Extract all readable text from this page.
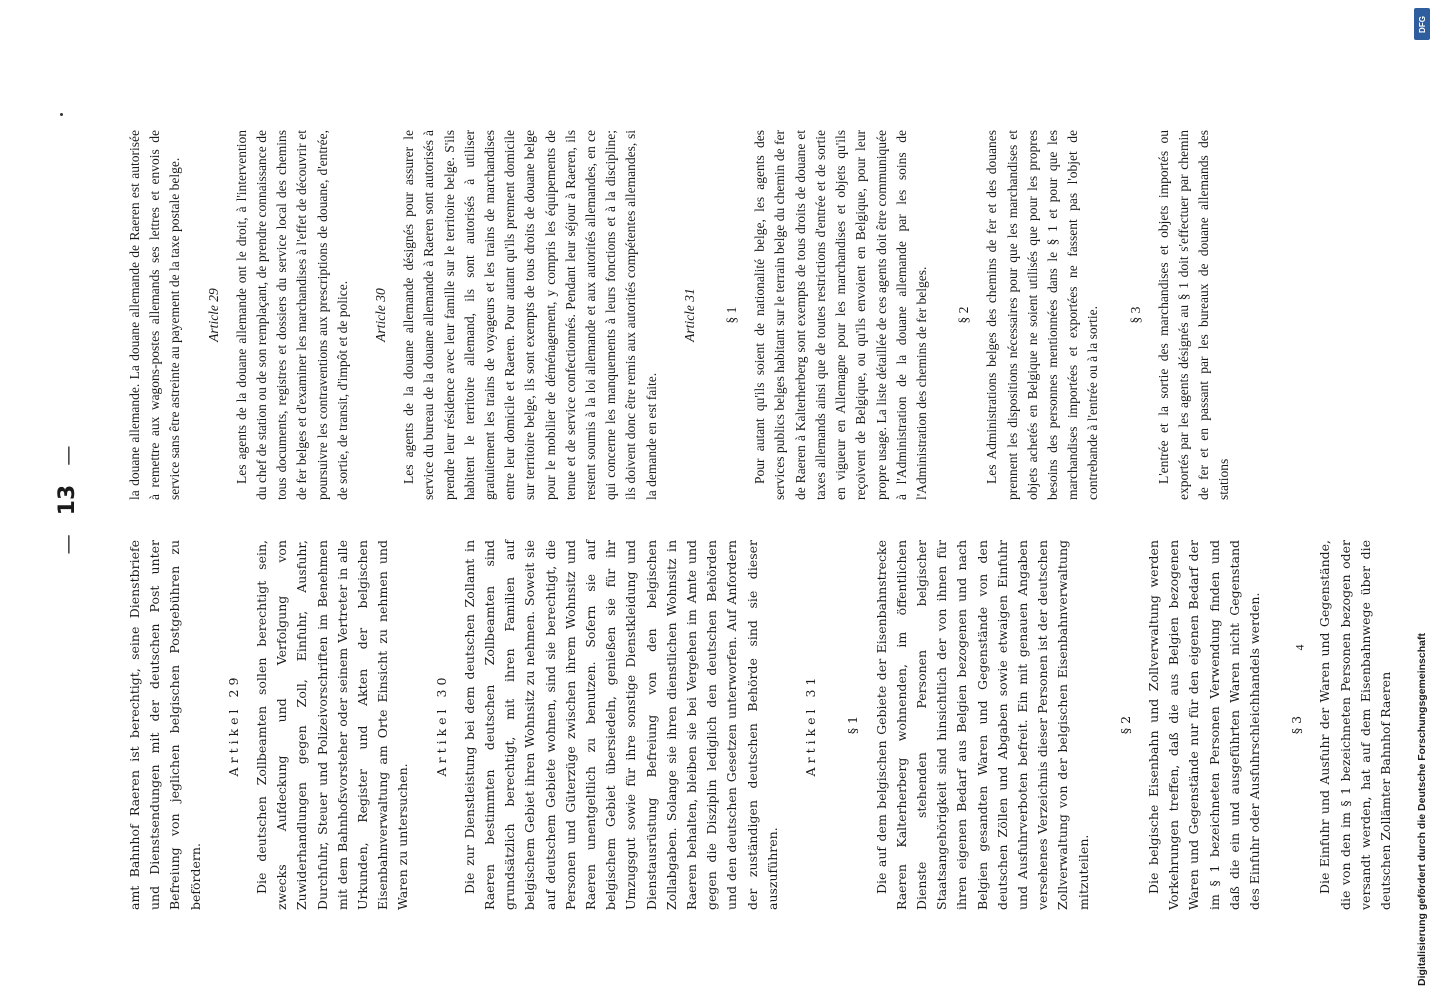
— 13 —

amt Bahnhof Raeren ist berechtigt, seine Dienstbriefe und Dienstsendungen mit der deutschen Post unter Befreiung von jeglichen belgischen Postgebühren zu befördern.

Artikel 29 Die deutschen Zollbeamten sollen berechtigt sein, zwecks Aufdeckung und Verfolgung von Zuwiderhandlungen gegen Zoll, Einfuhr, Ausfuhr, Durchfuhr, Steuer und Polizeivorschriften im Benehmen mit dem Bahnhofsvorsteher oder seinem Vertreter in alle Urkunden, Register und Akten der belgischen Eisenbahnverwaltung am Orte Einsicht zu nehmen und Waren zu untersuchen.

Artikel 30 Die zur Dienstleistung bei dem deutschen Zollamt in Raeren bestimmten deutschen Zollbeamten sind grundsätzlich berechtigt, mit ihren Familien auf belgischem Gebiet ihren Wohnsitz zu nehmen. Soweit sie auf deutschem Gebiete wohnen, sind sie berechtigt, die Personen und Güterzüge zwischen ihrem Wohnsitz und Raeren unentgeltlich zu benutzen. Sofern sie auf belgischem Gebiet übersiedeln, genießen sie für ihr Umzugsgut sowie für ihre sonstige Dienstkleidung und Dienstausrüstung Befreiung von den belgischen Zollabgaben. Solange sie ihren dienstlichen Wohnsitz in Raeren behalten, bleiben sie bei Vergehen im Amte und gegen die Disziplin lediglich den deutschen Behörden und den deutschen Gesetzen unterworfen. Auf Anfordern der zuständigen deutschen Behörde sind sie dieser auszuführen.

Artikel 31 § 1 Die auf dem belgischen Gebiete der Eisenbahnstrecke Raeren Kalterherberg wohnenden, im öffentlichen Dienste stehenden Personen belgischer Staatsangehörigkeit sind hinsichtlich der von ihnen für ihren eigenen Bedarf aus Belgien bezogenen und nach Belgien gesandten Waren und Gegenstände von den deutschen Zöllen und Abgaben sowie etwaigen Einfuhr und Ausfuhrverboten befreit. Ein mit genauen Angaben versehenes Verzeichnis dieser Personen ist der deutschen Zollverwaltung von der belgischen Eisenbahnverwaltung mitzuteilen.

§ 2 Die belgische Eisenbahn und Zollverwaltung werden Vorkehrungen treffen, daß die aus Belgien bezogenen Waren und Gegenstände nur für den eigenen Bedarf der im § 1 bezeichneten Personen Verwendung finden und daß die ein und ausgeführten Waren nicht Gegenstand des Einfuhr oder Ausfuhrschleichhandels werden. § 3 Die Einfuhr und Ausfuhr der Waren und Gegenstände, die von den im § 1 bezeichneten Personen bezogen oder versandt werden, hat auf dem Eisenbahnwege über die deutschen Zollämter Bahnhof Raeren

la douane allemande. La douane allemande de Raeren est autorisée à remettre aux wagons-postes allemands ses lettres et envois de service sans être astreinte au payement de la taxe postale belge. Article 29 Les agents de la douane allemande ont le droit, à l'intervention du chef de station ou de son remplaçant, de prendre connaissance de tous documents, registres et dossiers du service local des chemins de fer belges et d'examiner les marchandises à l'effet de découvrir et poursuivre les contraventions aux prescriptions de douane, d'entrée, de sortie, de transit, d'impôt et de police. Article 30 Les agents de la douane allemande désignés pour assurer le service du bureau de la douane allemande à Raeren sont autorisés à prendre leur résidence avec leur famille sur le territoire belge. S'ils habitent le territoire allemand, ils sont autorisés à utiliser gratuitement les trains de voyageurs et les trains de marchandises entre leur domicile et Raeren. Pour autant qu'ils prennent domicile sur territoire belge, ils sont exempts de tous droits de douane belge pour le mobilier de déménagement, y compris les équipements de tenue et de service confectionnés. Pendant leur séjour à Raeren, ils restent soumis à la loi allemande et aux autorités allemandes, en ce qui concerne les manquements à leurs fonctions et à la discipline; ils doivent donc être remis aux autorités compétentes allemandes, si la demande en est faite.

Article 31 § 1 Pour autant qu'ils soient de nationalité belge, les agents des services publics belges habitant sur le terrain belge du chemin de fer de Raeren à Kalterherberg sont exempts de tous droits de douane et taxes allemands ainsi que de toutes restrictions d'entrée et de sortie en vigueur en Allemagne pour les marchandises et objets qu'ils reçoivent de Belgique, ou qu'ils envoient en Belgique, pour leur propre usage. La liste détaillée de ces agents doit être communiquée à l'Administration de la douane allemande par les soins de l'Administration des chemins de fer belges. § 2 Les Administrations belges des chemins de fer et des douanes prennent les dispositions nécessaires pour que les marchandises et objets achetés en Belgique ne soient utilisés que pour les propres besoins des personnes mentionnées dans le § 1 et pour que les marchandises importées et exportées ne fassent pas l'objet de contrebande à l'entrée ou à la sortie. § 3 L'entrée et la sortie des marchandises et objets importés ou exportés par les agents désignés au § 1 doit s'effectuer par chemin de fer et en passant par les bureaux de douane allemands des stations

4
DFG
Digitalisierung gefördert durch die Deutsche Forschungsgemeinschaft
